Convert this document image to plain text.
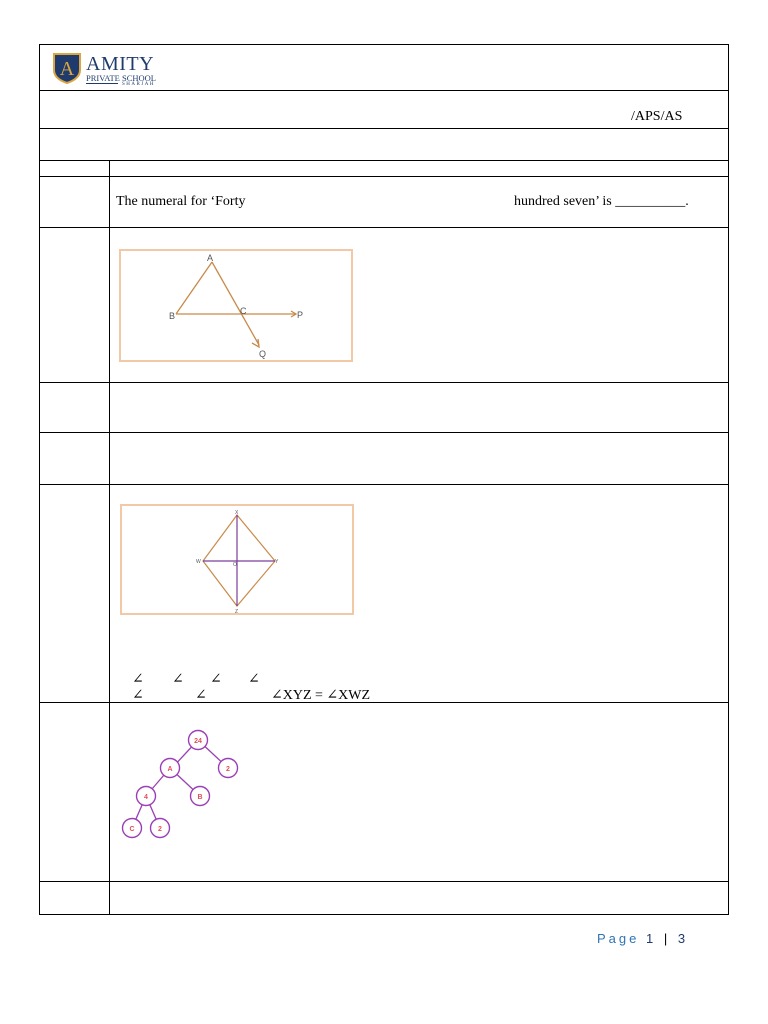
A AMITY
PRIVATE SCHOOL
SHARJAH
/APS/AS
The numeral for ‘Forty	hundred seven’ is __________.
A
B	C	P
Q
X
W	O	Y
Z
∠ ∠ ∠ ∠
∠	∠	∠XYZ = ∠XWZ
24
A	2
4	B
C	2
Page 1 | 3
